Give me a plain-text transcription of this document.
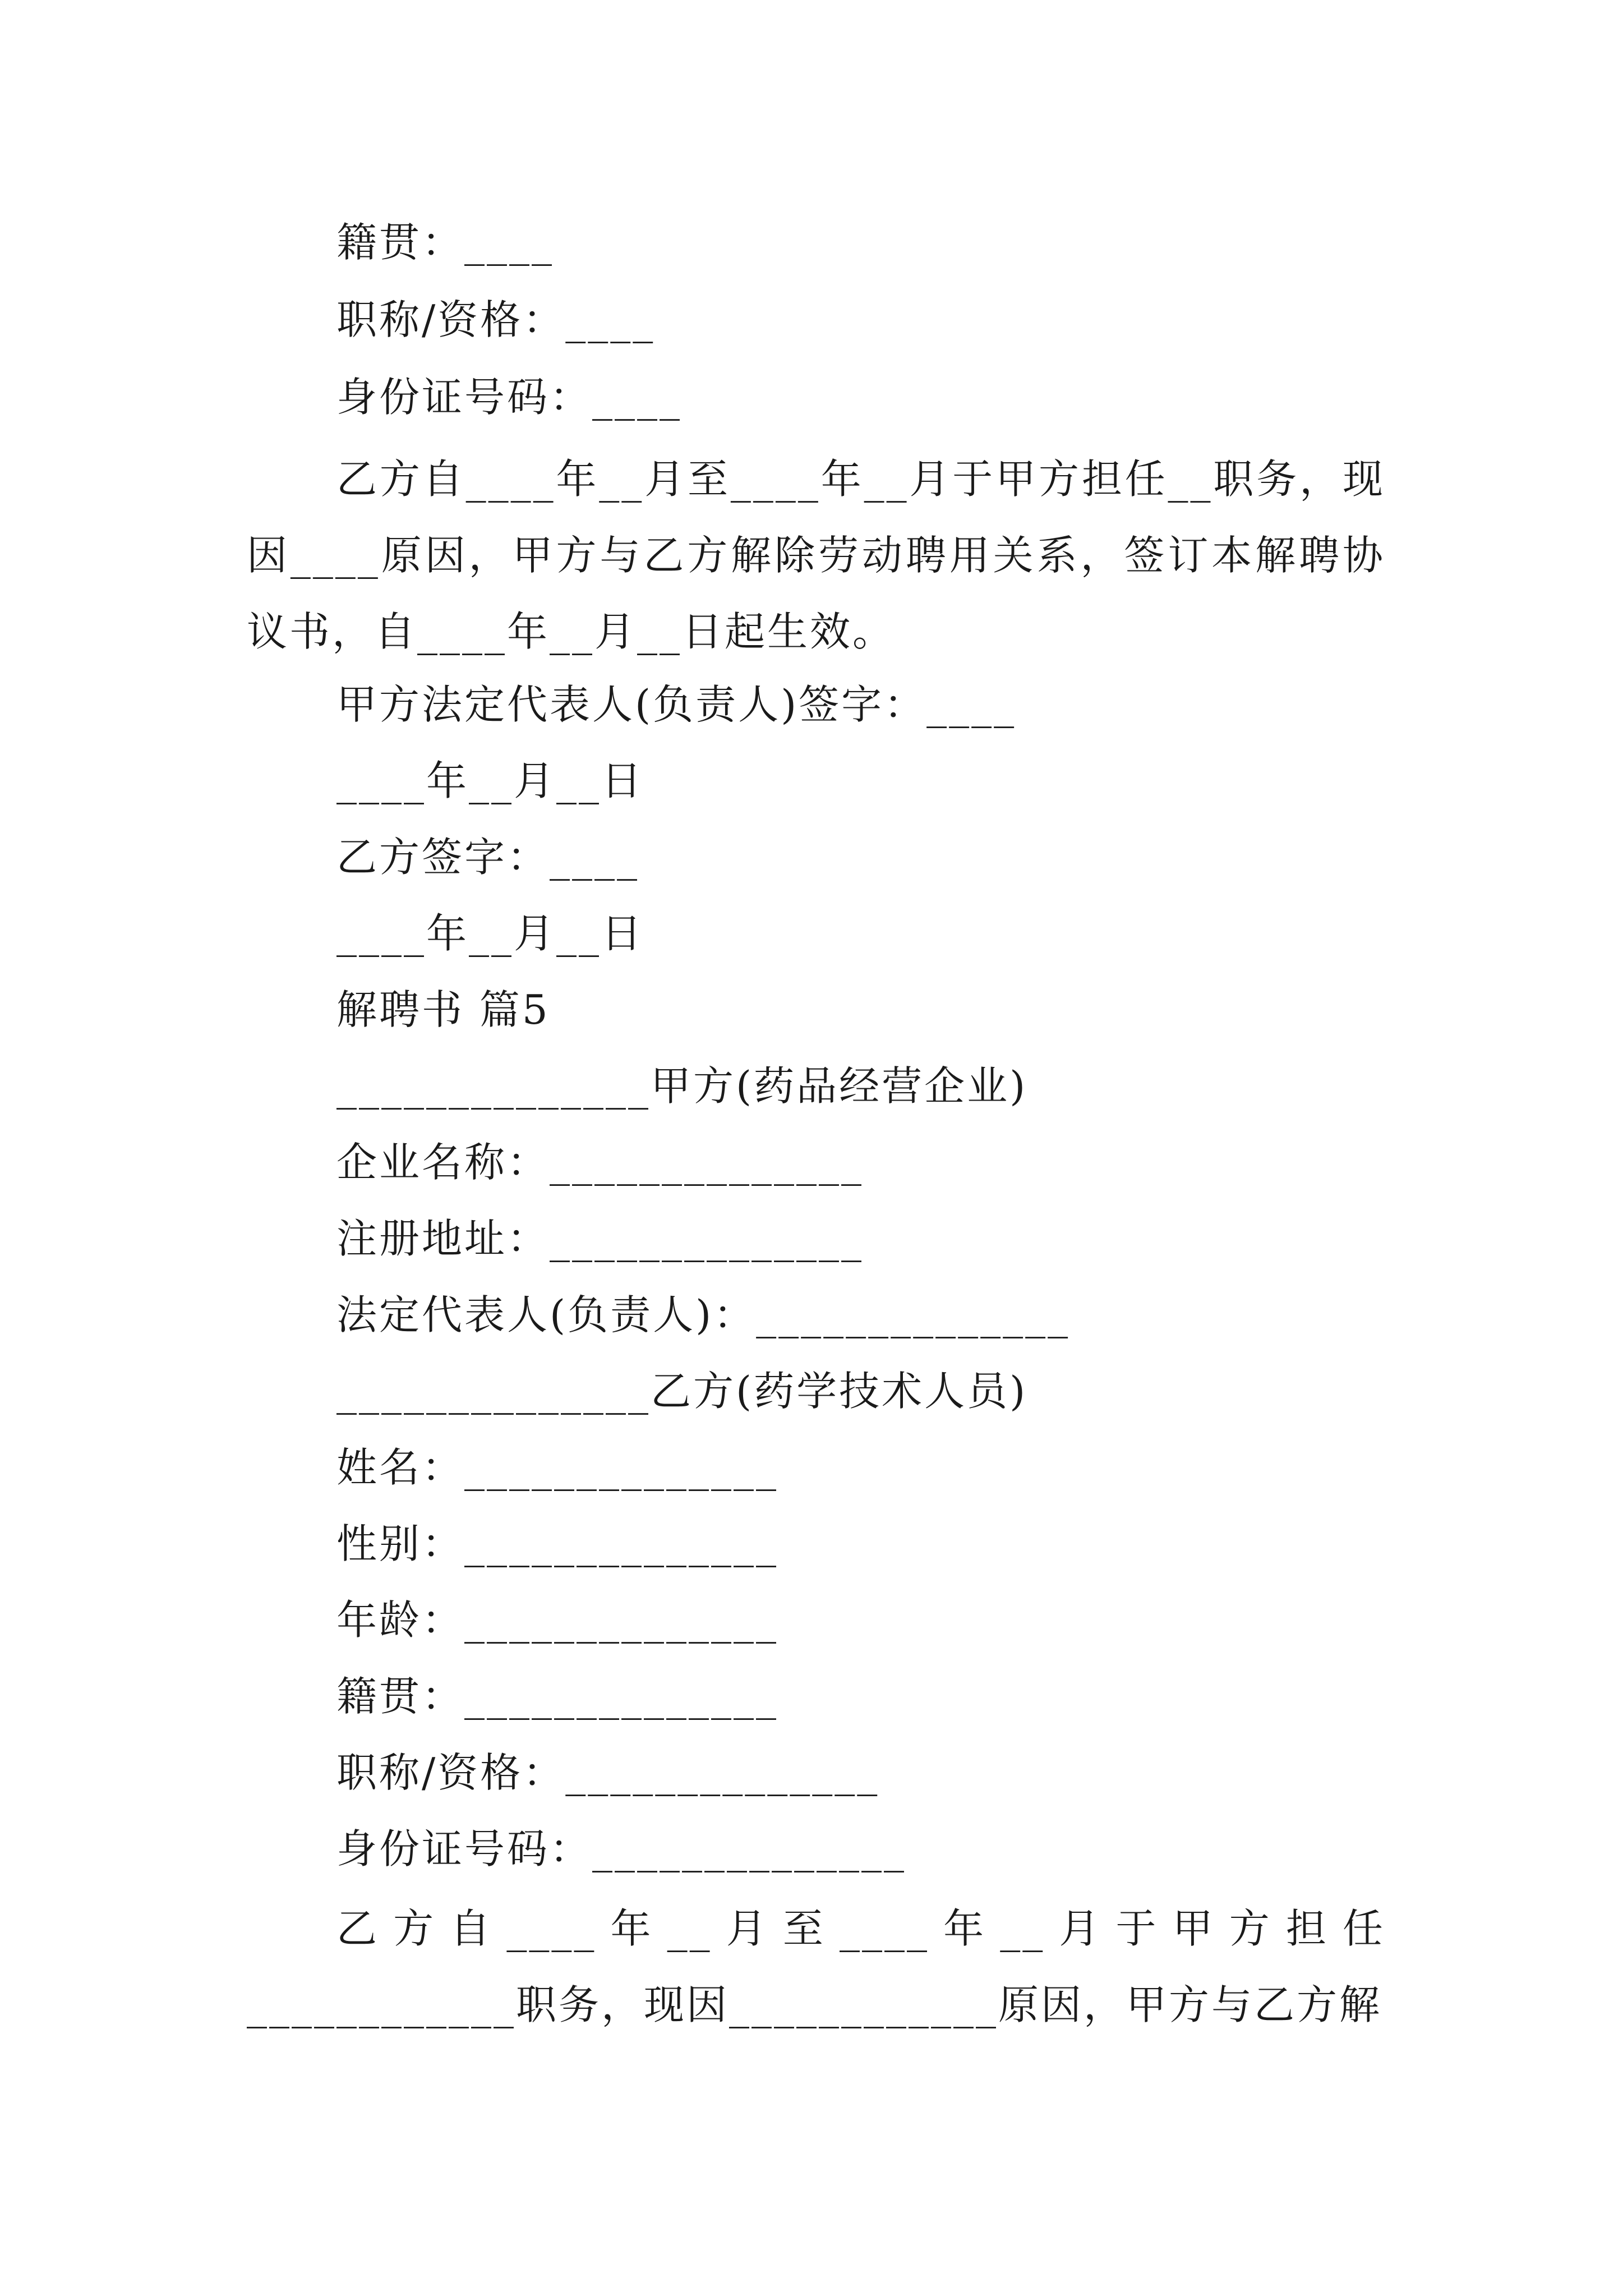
籍贯：____
职称/资格：____
身份证号码：____
乙方自____年__月至____年__月于甲方担任__职务，现因____原因，甲方与乙方解除劳动聘用关系，签订本解聘协议书，自____年__月__日起生效。
甲方法定代表人(负责人)签字：____
____年__月__日
乙方签字：____
____年__月__日
解聘书 篇5
______________甲方(药品经营企业)
企业名称：______________
注册地址：______________
法定代表人(负责人)：______________
______________乙方(药学技术人员)
姓名：______________
性别：______________
年龄：______________
籍贯：______________
职称/资格：______________
身份证号码：______________
乙方自____年__月至____年__月于甲方担任____________职务，现因____________原因，甲方与乙方解
